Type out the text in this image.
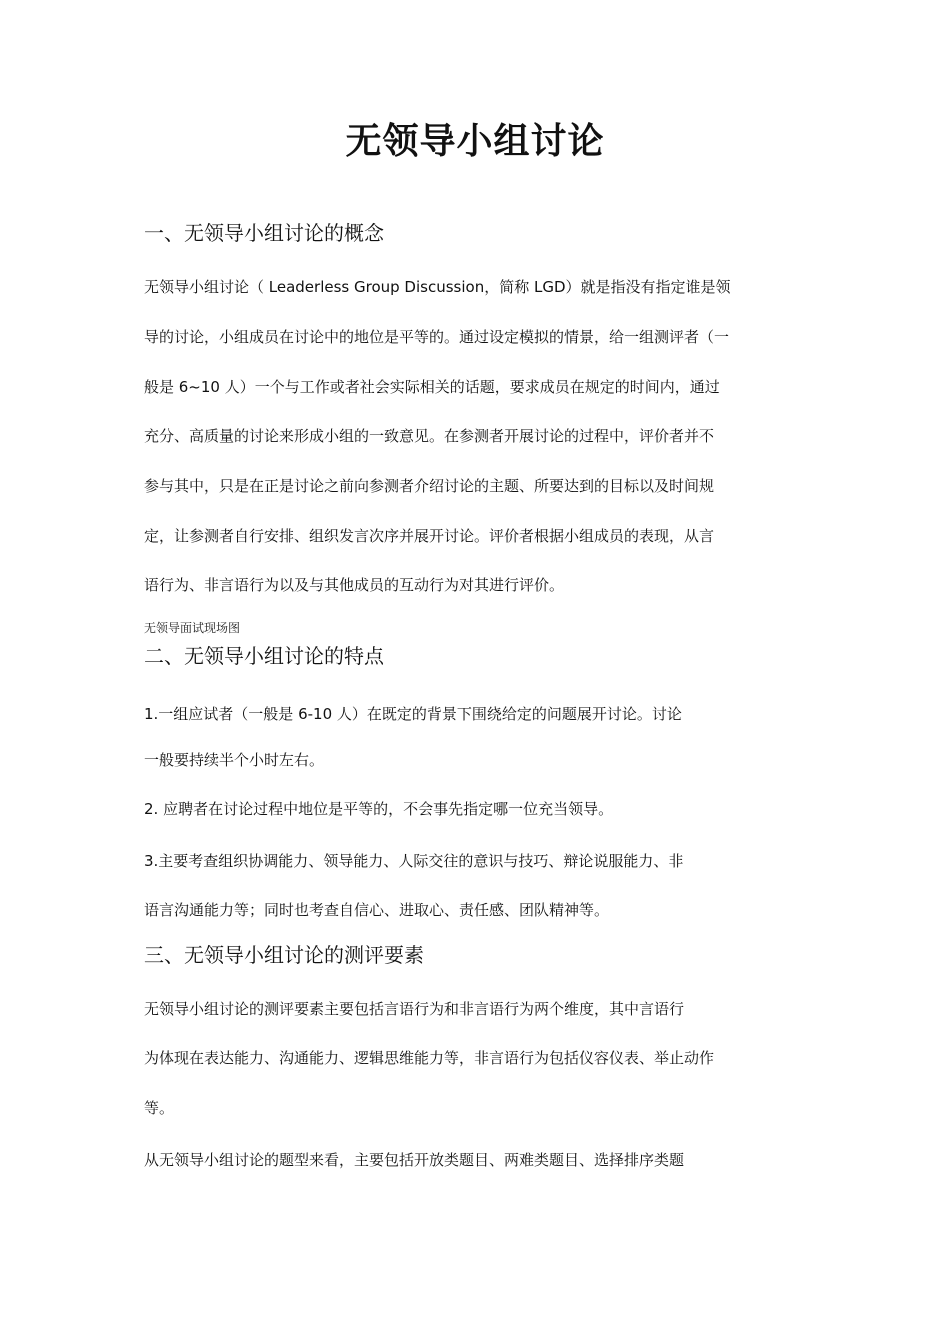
无领导小组讨论
一、无领导小组讨论的概念
无领导小组讨论（ Leaderless Group Discussion，简称 LGD）就是指没有指定谁是领
导的讨论，小组成员在讨论中的地位是平等的。通过设定模拟的情景，给一组测评者（一
般是 6~10 人）一个与工作或者社会实际相关的话题，要求成员在规定的时间内，通过
充分、高质量的讨论来形成小组的一致意见。在参测者开展讨论的过程中，评价者并不
参与其中，只是在正是讨论之前向参测者介绍讨论的主题、所要达到的目标以及时间规
定，让参测者自行安排、组织发言次序并展开讨论。评价者根据小组成员的表现，从言
语行为、非言语行为以及与其他成员的互动行为对其进行评价。
无领导面试现场图
二、无领导小组讨论的特点
1.一组应试者（一般是 6-10 人）在既定的背景下围绕给定的问题展开讨论。讨论
一般要持续半个小时左右。
2. 应聘者在讨论过程中地位是平等的，不会事先指定哪一位充当领导。
3.主要考查组织协调能力、领导能力、人际交往的意识与技巧、辩论说服能力、非
语言沟通能力等；同时也考查自信心、进取心、责任感、团队精神等。
三、无领导小组讨论的测评要素
无领导小组讨论的测评要素主要包括言语行为和非言语行为两个维度，其中言语行
为体现在表达能力、沟通能力、逻辑思维能力等，非言语行为包括仪容仪表、举止动作
等。
从无领导小组讨论的题型来看，主要包括开放类题目、两难类题目、选择排序类题
